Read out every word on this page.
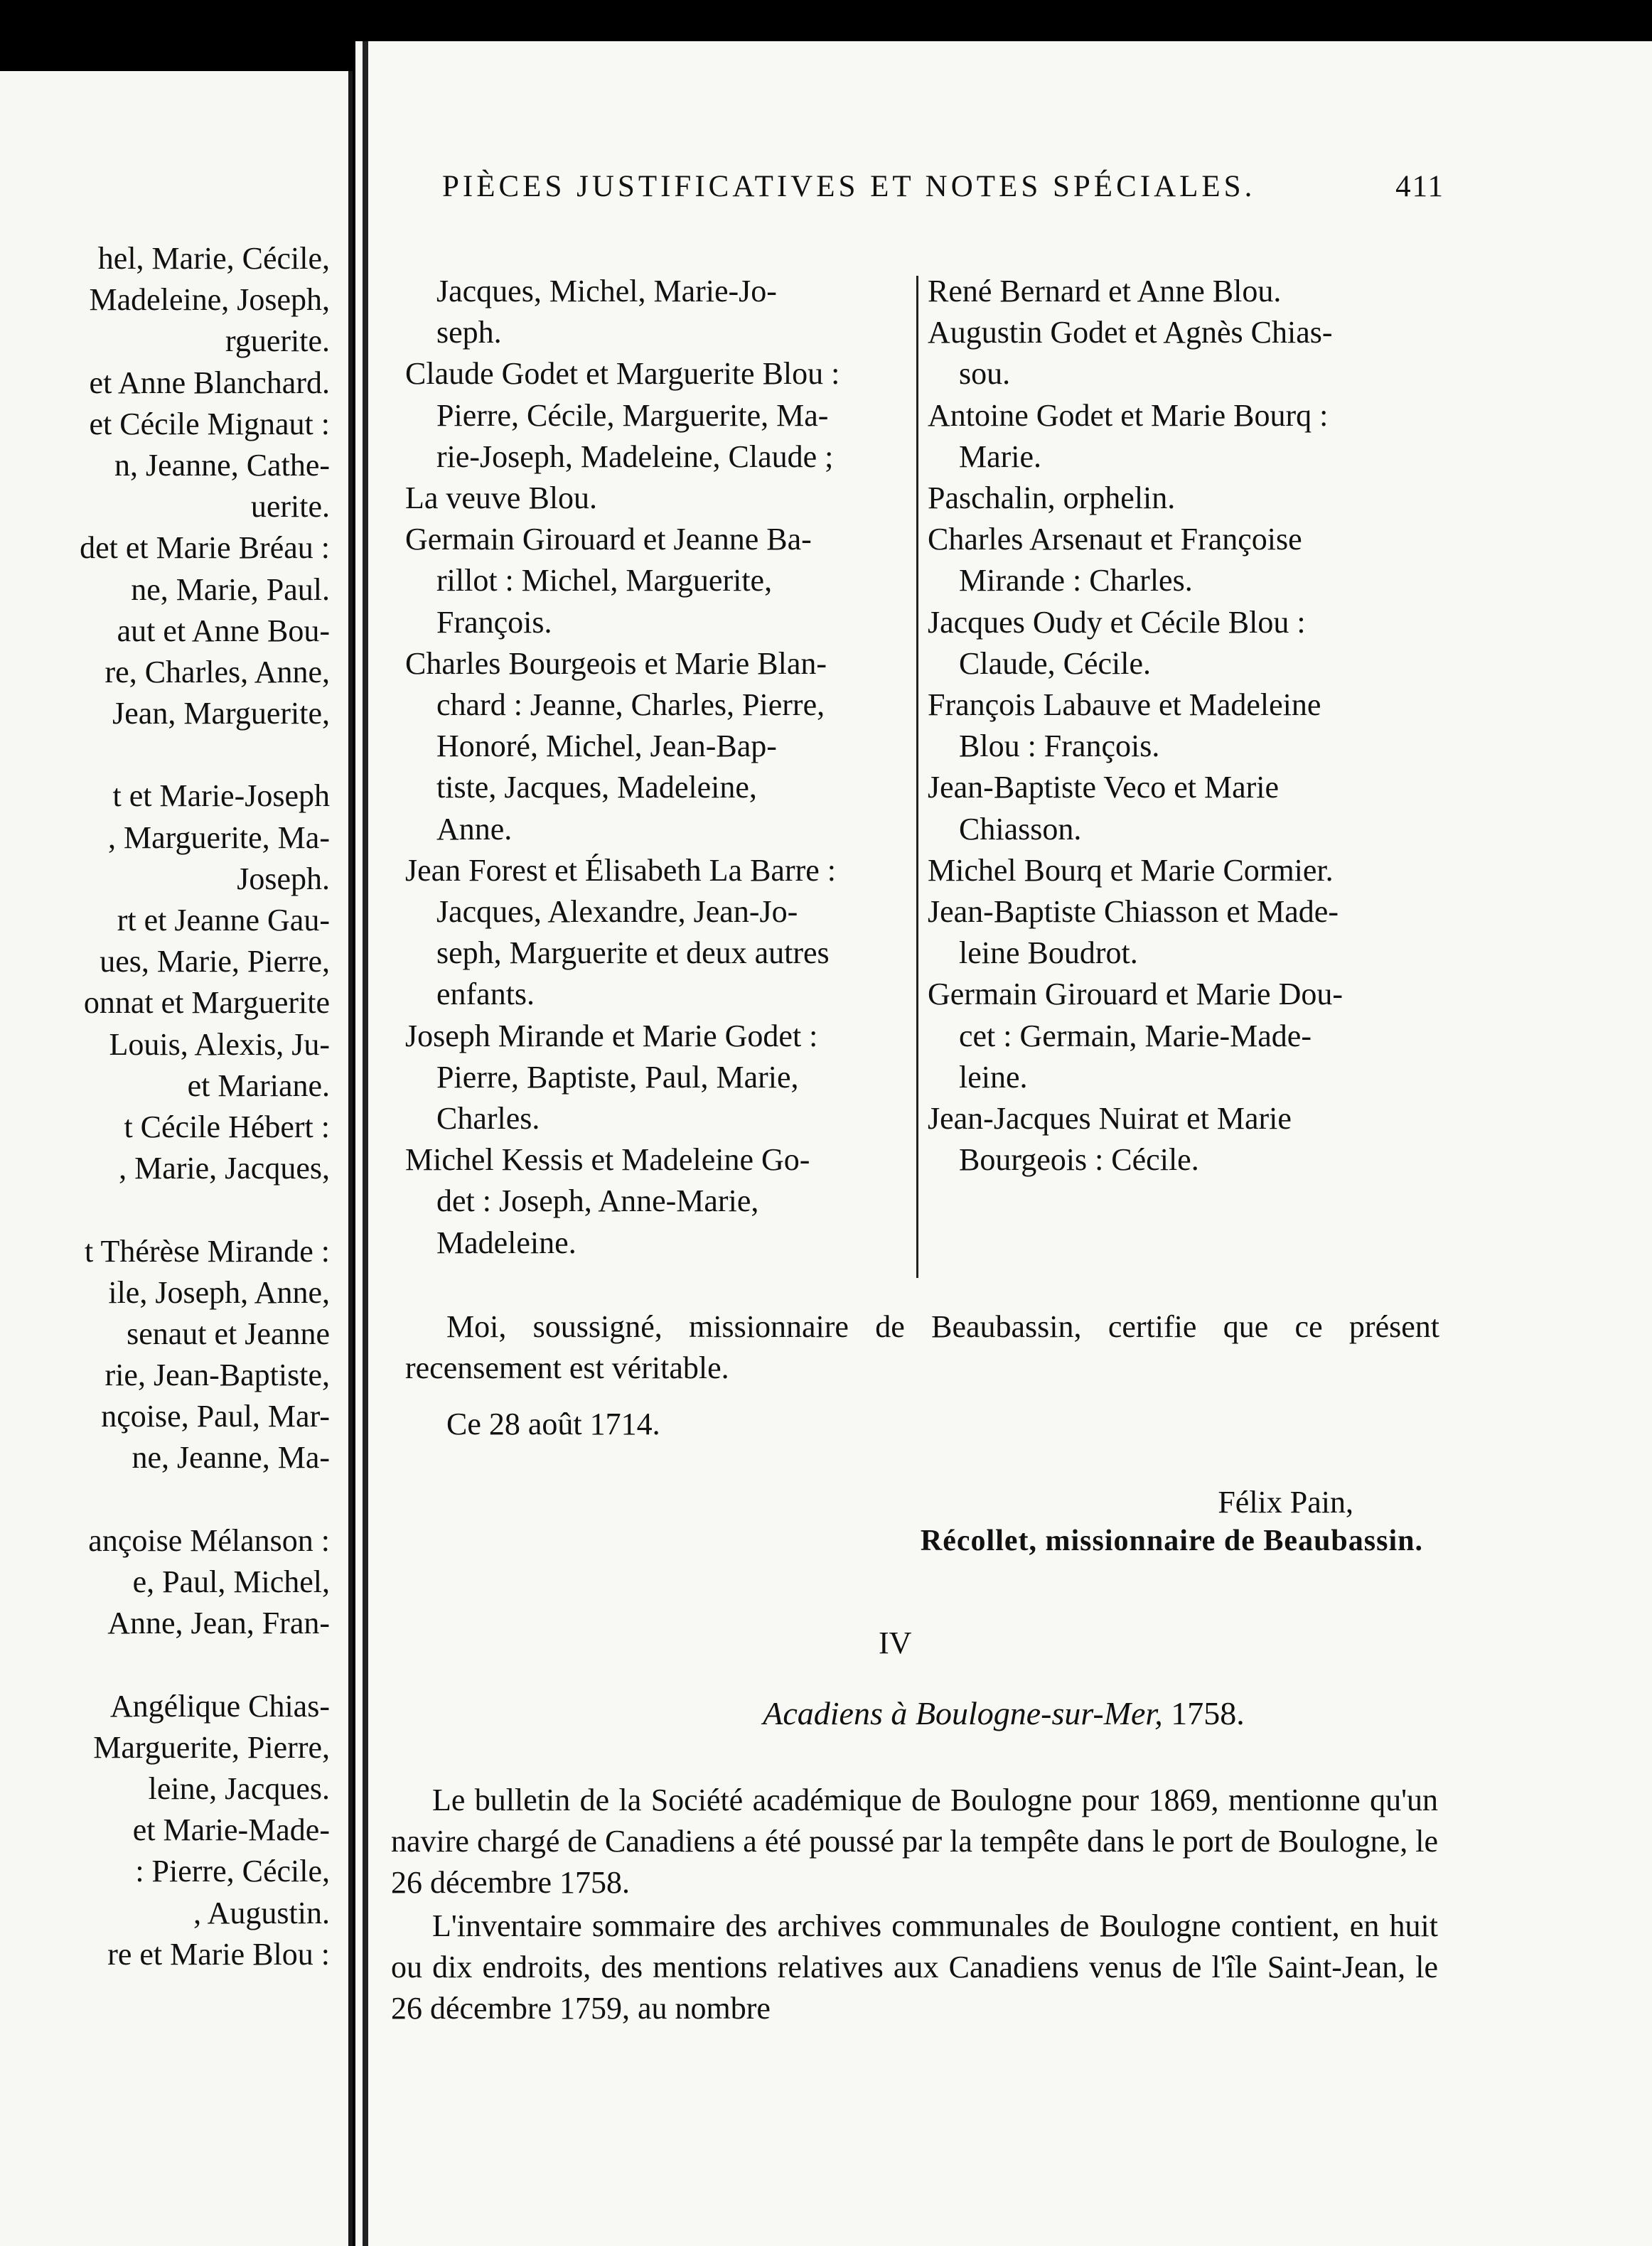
hel, Marie, Cécile,
Madeleine, Joseph,
rguerite.
et Anne Blanchard.
et Cécile Mignaut :
n, Jeanne, Cathe-
uerite.
det et Marie Bréau :
ne, Marie, Paul.
aut et Anne Bou-
re, Charles, Anne,
Jean, Marguerite,
t et Marie-Joseph
, Marguerite, Ma-
Joseph.
rt et Jeanne Gau-
ues, Marie, Pierre,
onnat et Marguerite
Louis, Alexis, Ju-
et Mariane.
t Cécile Hébert :
, Marie, Jacques,
t Thérèse Mirande :
ile, Joseph, Anne,
senaut et Jeanne
rie, Jean-Baptiste,
nçoise, Paul, Mar-
ne, Jeanne, Ma-
ançoise Mélanson :
e, Paul, Michel,
Anne, Jean, Fran-
Angélique Chias-
Marguerite, Pierre,
leine, Jacques.
et Marie-Made-
: Pierre, Cécile,
, Augustin.
re et Marie Blou :
PIÈCES JUSTIFICATIVES ET NOTES SPÉCIALES.	411
Jacques, Michel, Marie-Jo-
seph.
Claude Godet et Marguerite Blou :
Pierre, Cécile, Marguerite, Ma-
rie-Joseph, Madeleine, Claude ;
La veuve Blou.
Germain Girouard et Jeanne Ba-
rillot : Michel, Marguerite,
François.
Charles Bourgeois et Marie Blan-
chard : Jeanne, Charles, Pierre,
Honoré, Michel, Jean-Bap-
tiste, Jacques, Madeleine,
Anne.
Jean Forest et Élisabeth La Barre :
Jacques, Alexandre, Jean-Jo-
seph, Marguerite et deux autres
enfants.
Joseph Mirande et Marie Godet :
Pierre, Baptiste, Paul, Marie,
Charles.
Michel Kessis et Madeleine Go-
det : Joseph, Anne-Marie,
Madeleine.
René Bernard et Anne Blou.
Augustin Godet et Agnès Chias-
sou.
Antoine Godet et Marie Bourq :
Marie.
Paschalin, orphelin.
Charles Arsenaut et Françoise
Mirande : Charles.
Jacques Oudy et Cécile Blou :
Claude, Cécile.
François Labauve et Madeleine
Blou : François.
Jean-Baptiste Veco et Marie
Chiasson.
Michel Bourq et Marie Cormier.
Jean-Baptiste Chiasson et Made-
leine Boudrot.
Germain Girouard et Marie Dou-
cet : Germain, Marie-Made-
leine.
Jean-Jacques Nuirat et Marie
Bourgeois : Cécile.

Moi, soussigné, missionnaire de Beaubassin, certifie que ce présent recensement est véritable.

Ce 28 août 1714.
Félix Pain,
Récollet, missionnaire de Beaubassin.
IV
Acadiens à Boulogne-sur-Mer, 1758.

Le bulletin de la Société académique de Boulogne pour 1869, mentionne qu'un navire chargé de Canadiens a été poussé par la tempête dans le port de Boulogne, le 26 décembre 1758.

L'inventaire sommaire des archives communales de Boulogne contient, en huit ou dix endroits, des mentions relatives aux Canadiens venus de l'île Saint-Jean, le 26 décembre 1759, au nombre
